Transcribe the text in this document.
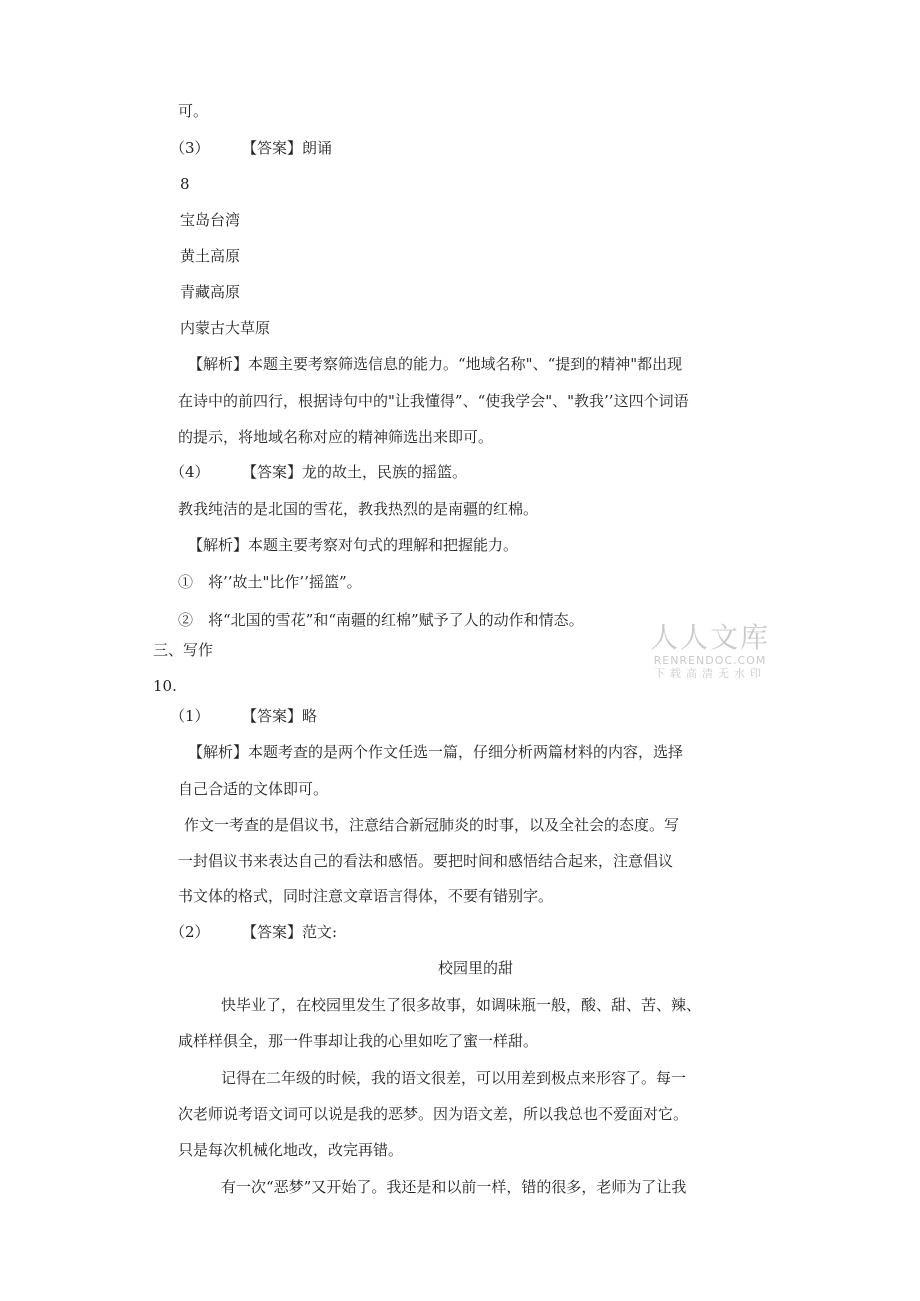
可。
（3） 【答案】朗诵
8
宝岛台湾
黄土高原
青藏高原
内蒙古大草原
【解析】本题主要考察筛选信息的能力。“地域名称"、“提到的精神"都出现
在诗中的前四行，根据诗句中的"让我懂得”、“使我学会"、"教我’’这四个词语
的提示，将地域名称对应的精神筛选出来即可。
（4） 【答案】龙的故土，民族的摇篮。
教我纯洁的是北国的雪花，教我热烈的是南疆的红棉。
【解析】本题主要考察对句式的理解和把握能力。
①　将’’故土"比作’’摇篮”。
②　将“北国的雪花”和“南疆的红棉”赋予了人的动作和情态。
三、写作
10.
（1） 【答案】略
【解析】本题考查的是两个作文任选一篇，仔细分析两篇材料的内容，选择
自己合适的文体即可。
作文一考查的是倡议书，注意结合新冠肺炎的时事，以及全社会的态度。写
一封倡议书来表达自己的看法和感悟。要把时间和感悟结合起来，注意倡议
书文体的格式，同时注意文章语言得体，不要有错别字。
（2） 【答案】范文:
校园里的甜
快毕业了，在校园里发生了很多故事，如调味瓶一般，酸、甜、苦、辣、
咸样样俱全，那一件事却让我的心里如吃了蜜一样甜。
记得在二年级的时候，我的语文很差，可以用差到极点来形容了。每一
次老师说考语文词可以说是我的恶梦。因为语文差，所以我总也不爱面对它。
只是每次机械化地改，改完再错。
有一次“恶梦”又开始了。我还是和以前一样，错的很多，老师为了让我
人人文库
RENRENDOC.COM
下载高清无水印
